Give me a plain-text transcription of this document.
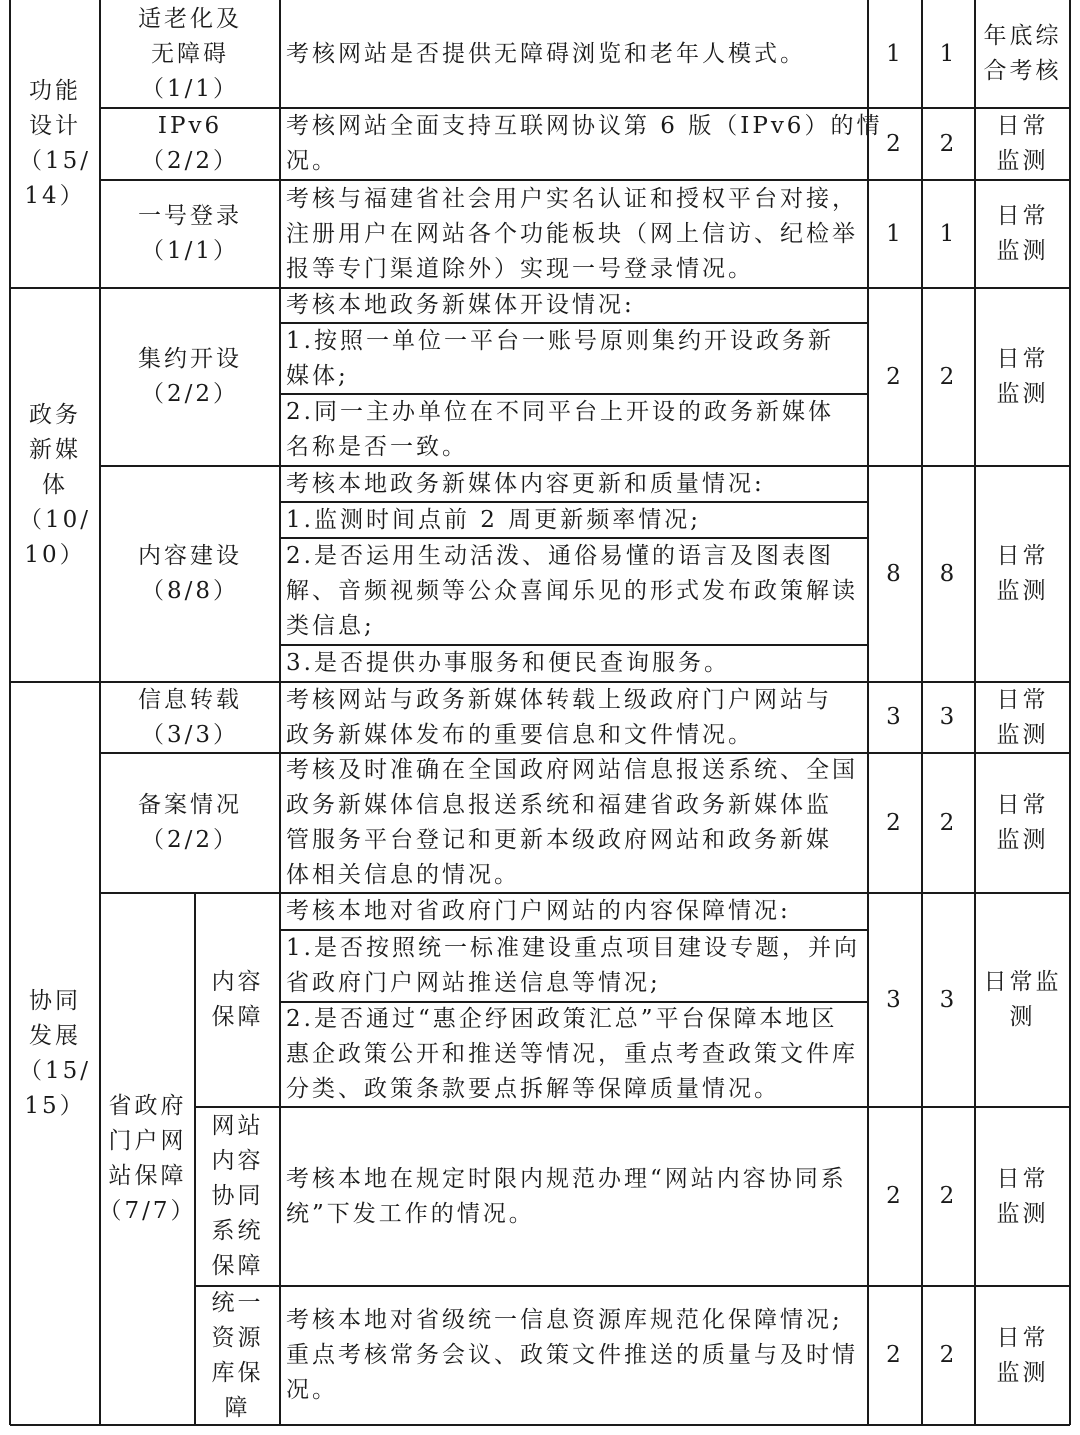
功能
设计
（15/
14）
政务
新媒
体
（10/
10）
协同
发展
（15/
15） 省政府
门户网
站保障
（7/7）
适老化及
无障碍
（1/1）
考核网站是否提供无障碍浏览和老年人模式。	1 1
年底综
合考核
IPv6
（2/2）
考核网站全面支持互联网协议第 6 版（IPv6）的情
况。
2 2
日常
监测
一号登录
（1/1）
考核与福建省社会用户实名认证和授权平台对接，
注册用户在网站各个功能板块（网上信访、纪检举
报等专门渠道除外）实现一号登录情况。
1 1
日常
监测
集约开设
（2/2）
2 2
日常
监测
考核本地政务新媒体开设情况:
1.按照一单位一平台一账号原则集约开设政务新
媒体;
2.同一主办单位在不同平台上开设的政务新媒体
名称是否一致。
内容建设
（8/8）
8 8
日常
监测
考核本地政务新媒体内容更新和质量情况:
1.监测时间点前 2 周更新频率情况;
2.是否运用生动活泼、通俗易懂的语言及图表图
解、音频视频等公众喜闻乐见的形式发布政策解读
类信息;
3.是否提供办事服务和便民查询服务。
信息转载
（3/3）
考核网站与政务新媒体转载上级政府门户网站与
政务新媒体发布的重要信息和文件情况。
3 3
日常
监测
备案情况
（2/2）
考核及时准确在全国政府网站信息报送系统、全国
政务新媒体信息报送系统和福建省政务新媒体监
管服务平台登记和更新本级政府网站和政务新媒
体相关信息的情况。
2 2
日常
监测
内容
保障
3 3
日常监
测
考核本地对省政府门户网站的内容保障情况:
1.是否按照统一标准建设重点项目建设专题，并向
省政府门户网站推送信息等情况;
2.是否通过“惠企纾困政策汇总”平台保障本地区
惠企政策公开和推送等情况，重点考查政策文件库
分类、政策条款要点拆解等保障质量情况。
网站
内容
协同
系统
保障
考核本地在规定时限内规范办理“网站内容协同系
统”下发工作的情况。
2 2
日常
监测
统一
资源
库保
障
考核本地对省级统一信息资源库规范化保障情况;
重点考核常务会议、政策文件推送的质量与及时情
况。
2 2
日常
监测
